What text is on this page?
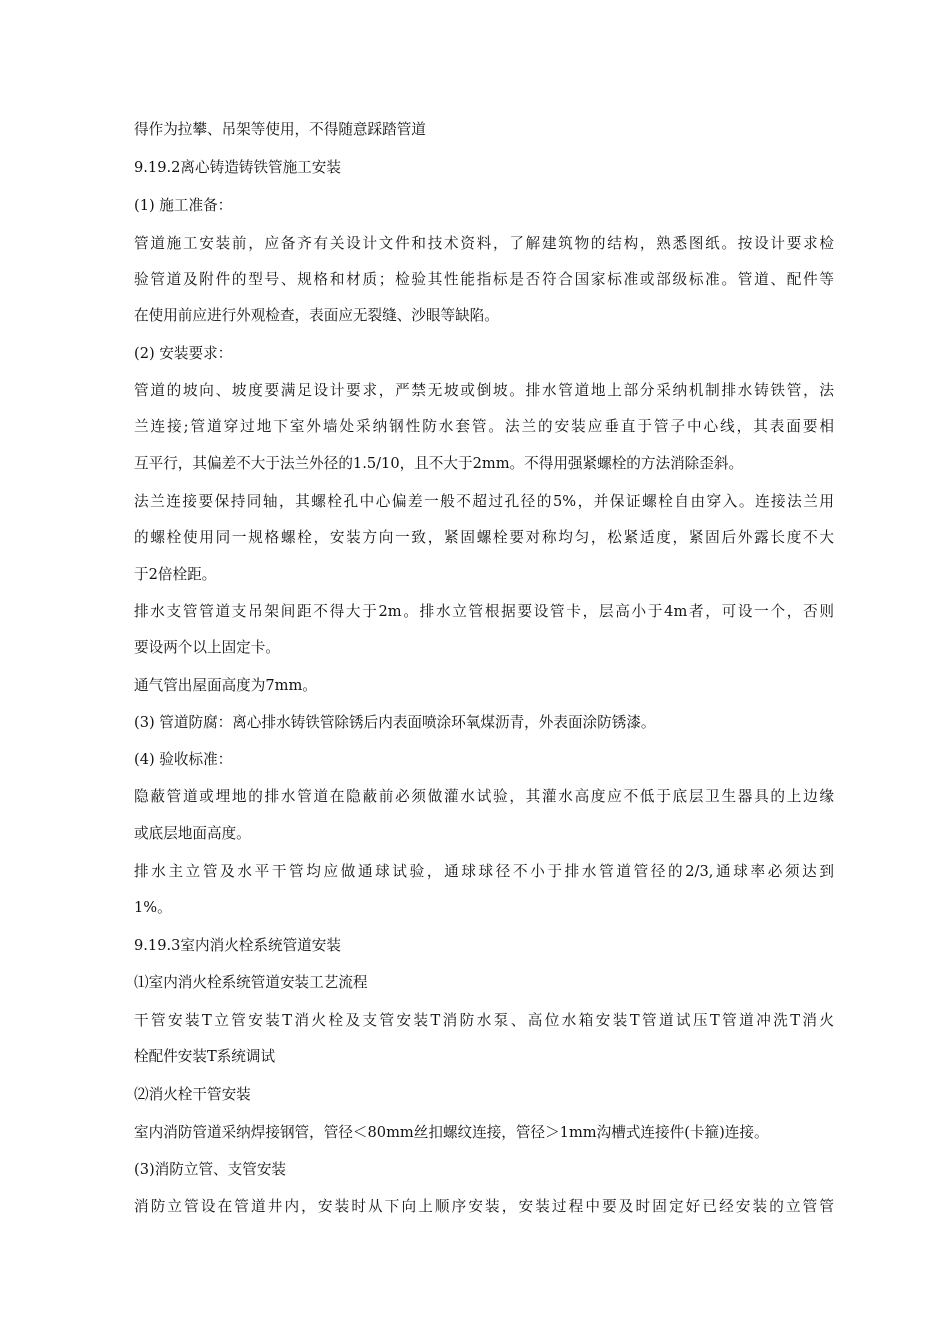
得作为拉攀、吊架等使用，不得随意踩踏管道
9.19.2离心铸造铸铁管施工安装
(1) 施工准备：
管道施工安装前，应备齐有关设计文件和技术资料，了解建筑物的结构，熟悉图纸。按设计要求检
验管道及附件的型号、规格和材质；检验其性能指标是否符合国家标准或部级标准。管道、配件等
在使用前应进行外观检查，表面应无裂缝、沙眼等缺陷。
(2) 安装要求：
管道的坡向、坡度要满足设计要求，严禁无坡或倒坡。排水管道地上部分采纳机制排水铸铁管，法
兰连接;管道穿过地下室外墙处采纳钢性防水套管。法兰的安装应垂直于管子中心线，其表面要相
互平行，其偏差不大于法兰外径的1.5/10，且不大于2mm。不得用强紧螺栓的方法消除歪斜。
法兰连接要保持同轴，其螺栓孔中心偏差一般不超过孔径的5%，并保证螺栓自由穿入。连接法兰用
的螺栓使用同一规格螺栓，安装方向一致，紧固螺栓要对称均匀，松紧适度，紧固后外露长度不大
于2倍栓距。
排水支管管道支吊架间距不得大于2m。排水立管根据要设管卡，层高小于4m者，可设一个，否则
要设两个以上固定卡。
通气管出屋面高度为7mm。
(3) 管道防腐：离心排水铸铁管除锈后内表面喷涂环氧煤沥青，外表面涂防锈漆。
(4) 验收标准：
隐蔽管道或埋地的排水管道在隐蔽前必须做灌水试验，其灌水高度应不低于底层卫生器具的上边缘
或底层地面高度。
排水主立管及水平干管均应做通球试验，通球球径不小于排水管道管径的2/3,通球率必须达到
1%。
9.19.3室内消火栓系统管道安装
⑴室内消火栓系统管道安装工艺流程
干管安装T立管安装T消火栓及支管安装T消防水泵、高位水箱安装T管道试压T管道冲洗T消火
栓配件安装T系统调试
⑵消火栓干管安装
室内消防管道采纳焊接钢管，管径＜80mm丝扣螺纹连接，管径＞1mm沟槽式连接件(卡箍)连接。
(3)消防立管、支管安装
消防立管设在管道井内，安装时从下向上顺序安装，安装过程中要及时固定好已经安装的立管管
